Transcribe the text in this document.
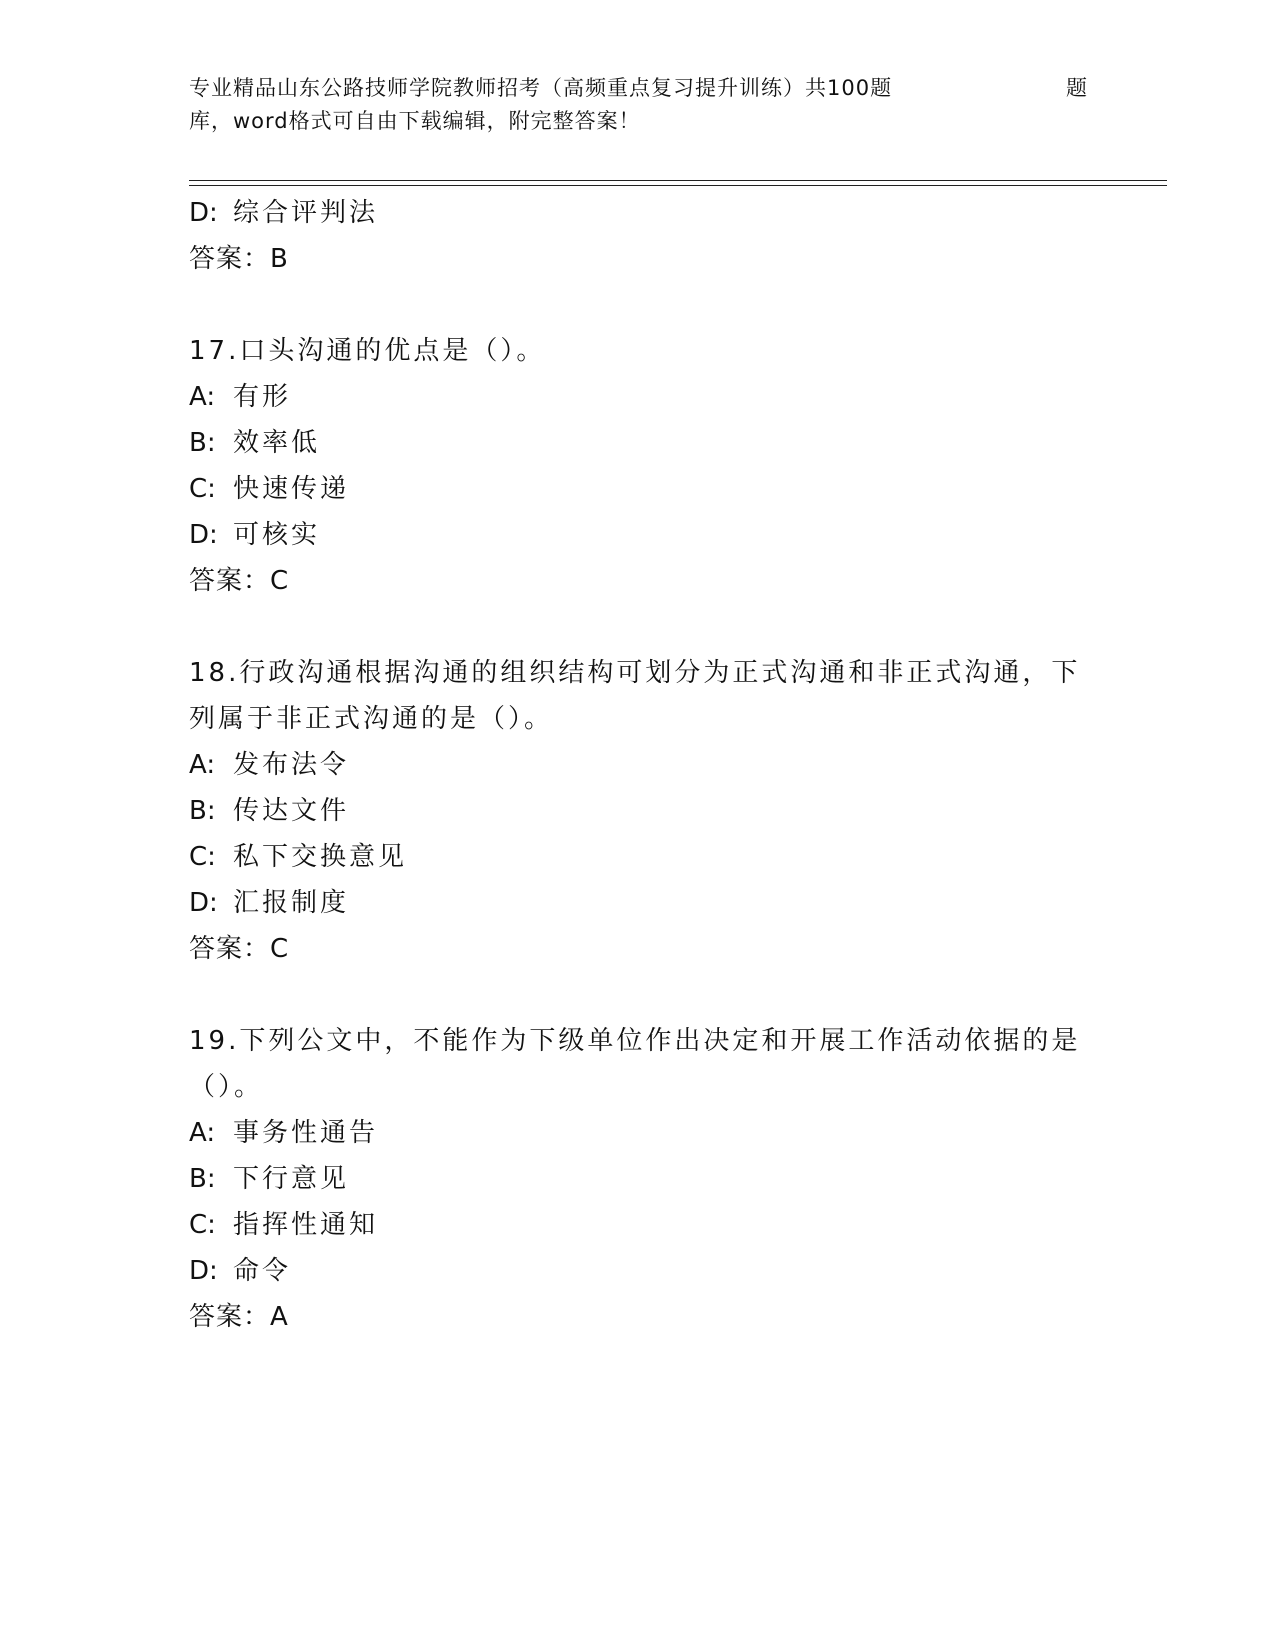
专业精品山东公路技师学院教师招考（高频重点复习提升训练）共100题
库，word格式可自由下载编辑，附完整答案！
题

D: 综合评判法

答案：B

17.口头沟通的优点是（）。

A: 有形

B: 效率低

C: 快速传递

D: 可核实

答案：C

18.行政沟通根据沟通的组织结构可划分为正式沟通和非正式沟通，下

列属于非正式沟通的是（）。

A: 发布法令

B: 传达文件

C: 私下交换意见

D: 汇报制度

答案：C

19.下列公文中，不能作为下级单位作出决定和开展工作活动依据的是

（）。

A: 事务性通告

B: 下行意见

C: 指挥性通知

D: 命令

答案：A
